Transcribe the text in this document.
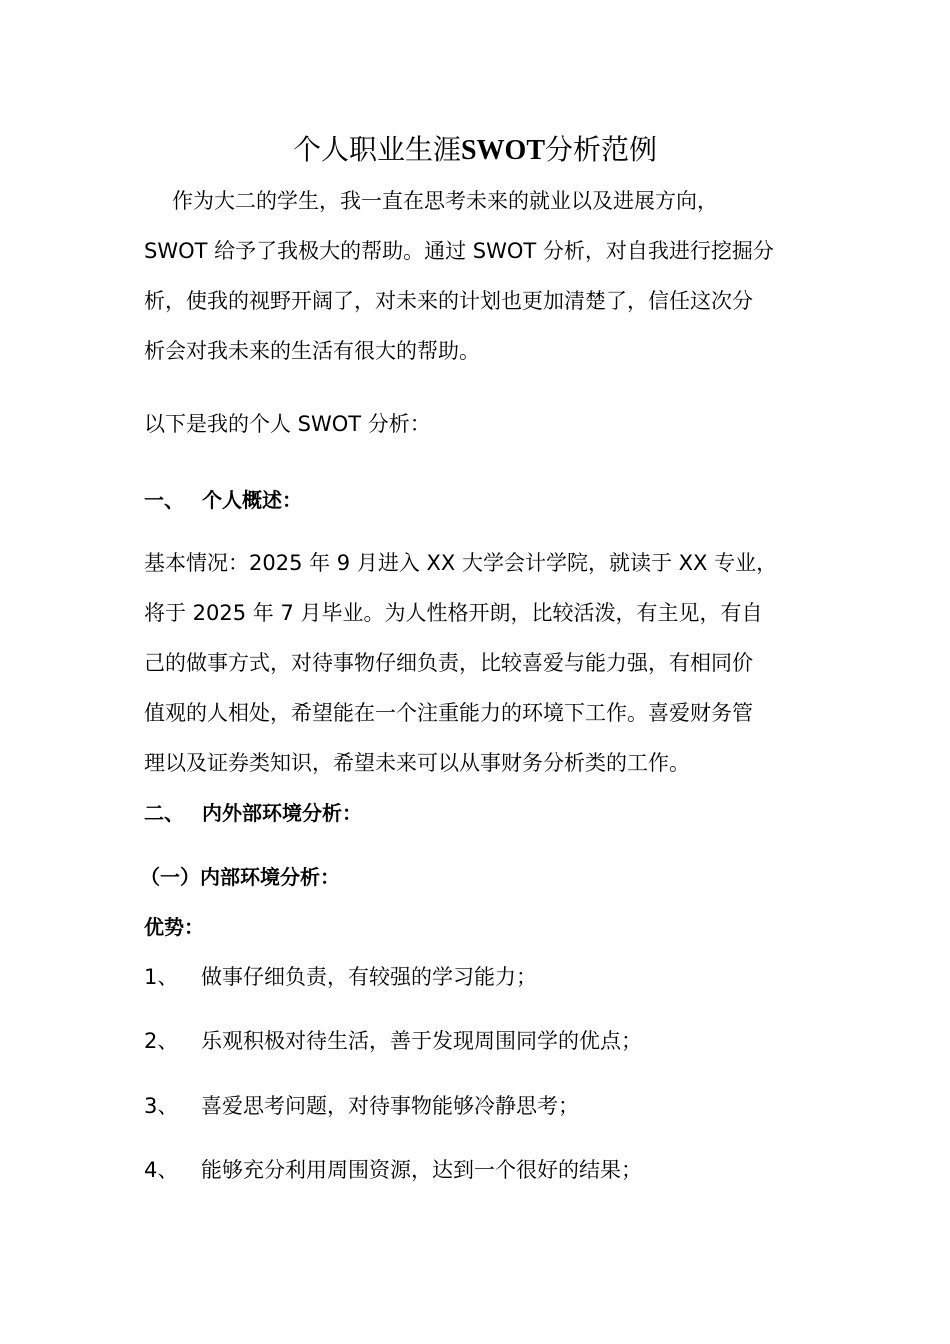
个人职业生涯SWOT分析范例
作为大二的学生，我一直在思考未来的就业以及进展方向，
SWOT 给予了我极大的帮助。通过 SWOT 分析，对自我进行挖掘分
析，使我的视野开阔了，对未来的计划也更加清楚了，信任这次分
析会对我未来的生活有很大的帮助。
以下是我的个人 SWOT 分析：
一、 个人概述：
基本情况：2025 年 9 月进入 XX 大学会计学院，就读于 XX 专业，
将于 2025 年 7 月毕业。为人性格开朗，比较活泼，有主见，有自
己的做事方式，对待事物仔细负责，比较喜爱与能力强，有相同价
值观的人相处，希望能在一个注重能力的环境下工作。喜爱财务管
理以及证券类知识，希望未来可以从事财务分析类的工作。
二、 内外部环境分析：
（一）内部环境分析：
优势：
1、 做事仔细负责，有较强的学习能力；
2、 乐观积极对待生活，善于发现周围同学的优点；
3、 喜爱思考问题，对待事物能够冷静思考；
4、 能够充分利用周围资源，达到一个很好的结果；
